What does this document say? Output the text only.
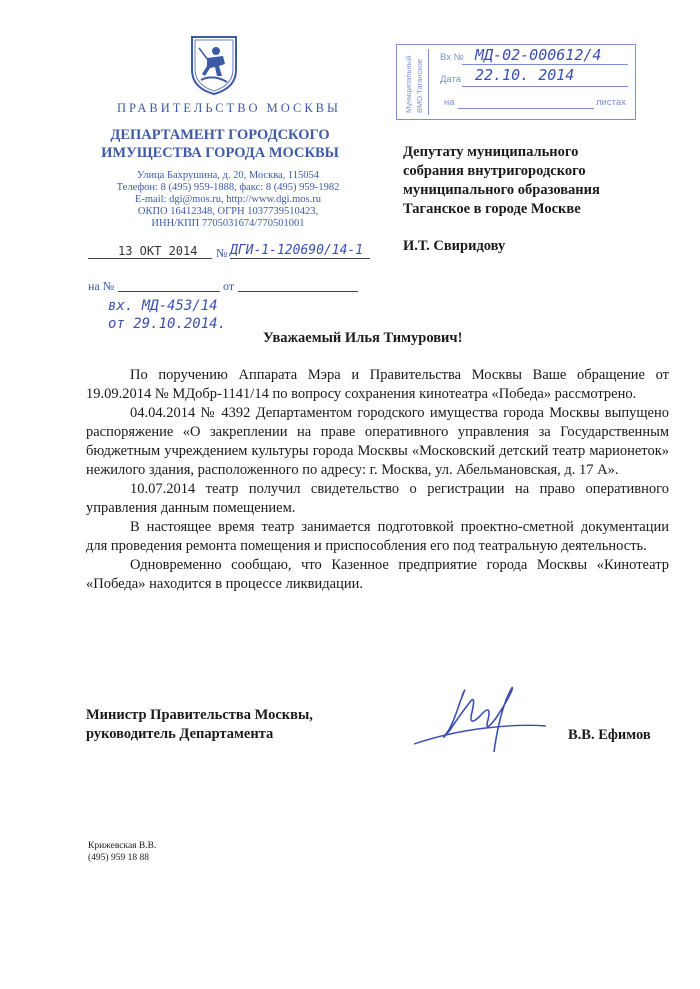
ПРАВИТЕЛЬСТВО МОСКВЫ
ДЕПАРТАМЕНТ ГОРОДСКОГО
ИМУЩЕСТВА ГОРОДА МОСКВЫ
Улица Бахрушина, д. 20, Москва, 115054
Телефон: 8 (495) 959-1888, факс: 8 (495) 959-1982
E-mail: dgi@mos.ru, http://www.dgi.mos.ru
ОКПО 16412348, ОГРН 1037739510423,
ИНН/КПП 7705031674/770501001
13 ОКТ 2014 № ДГИ-1-120690/14-1
на №	от
вх. МД-453/14
от 29.10.2014.
Муниципальный ВМО Таганское
Вх № МД-02-000612/4
Дата 22.10. 2014
на	листах
Депутату муниципального
собрания внутригородского
муниципального образования
Таганское в городе Москве
И.Т. Свиридову
Уважаемый Илья Тимурович!

По поручению Аппарата Мэра и Правительства Москвы Ваше обращение от 19.09.2014 № МДобр-1141/14 по вопросу сохранения кинотеатра «Победа» рассмотрено.

04.04.2014 № 4392 Департаментом городского имущества города Москвы выпущено распоряжение «О закреплении на праве оперативного управления за Государственным бюджетным учреждением культуры города Москвы «Московский детский театр марионеток» нежилого здания, расположенного по адресу: г. Москва, ул. Абельмановская, д. 17 А».

10.07.2014 театр получил свидетельство о регистрации на право оперативного управления данным помещением.

В настоящее время театр занимается подготовкой проектно-сметной документации для проведения ремонта помещения и приспособления его под театральную деятельность.

Одновременно сообщаю, что Казенное предприятие города Москвы «Кинотеатр «Победа» находится в процессе ликвидации.

Министр Правительства Москвы,
руководитель Департамента	В.В. Ефимов
Крижевская В.В.
(495) 959 18 88
